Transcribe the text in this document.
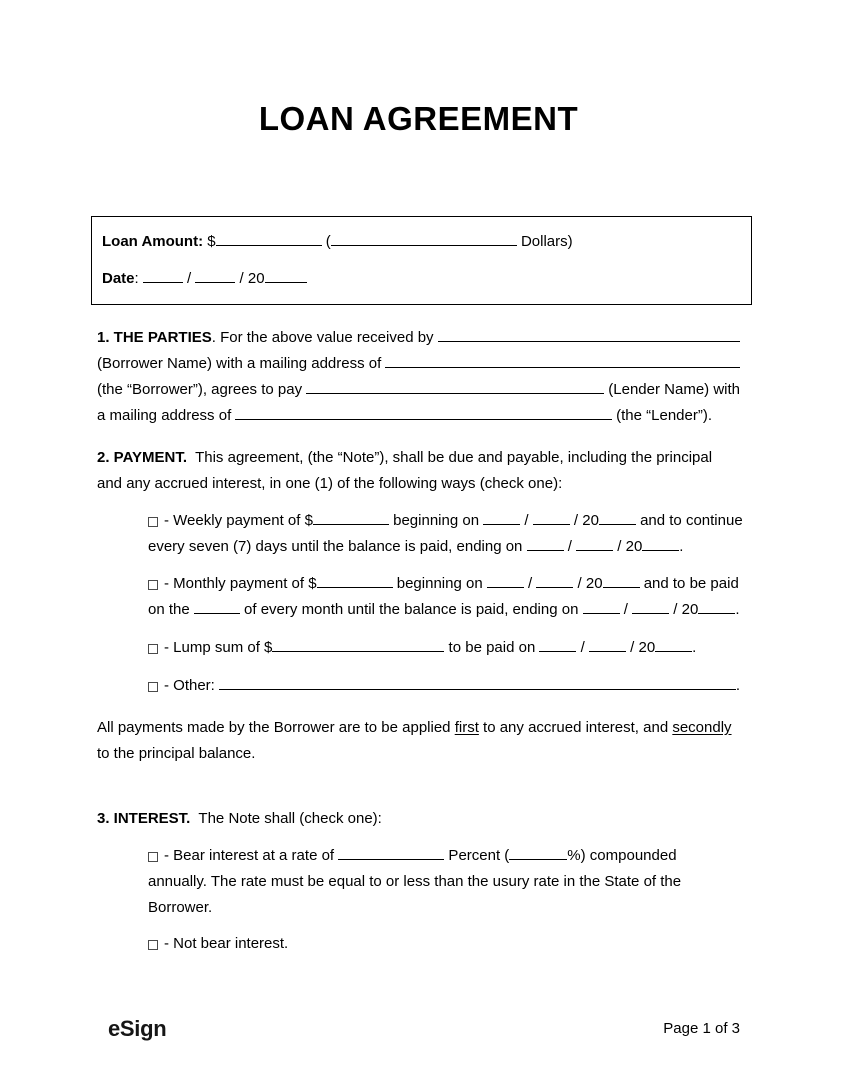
LOAN AGREEMENT
Loan Amount: $	(	Dollars)
Date :	/	/ 20
1. THE PARTIES . For the above value received by
(Borrower Name) with a mailing address of
(the “Borrower”), agrees to pay	(Lender Name) with
a mailing address of	(the “Lender”).
2. PAYMENT. This agreement, (the “Note”), shall be due and payable, including the principal
and any accrued interest, in one (1) of the following ways (check one):
- Weekly payment of $	beginning on / / 20 and to continue
every seven (7) days until the balance is paid, ending on / / 20 .
- Monthly payment of $	beginning on / / 20 and to be paid
on the	of every month until the balance is paid, ending on / / 20 .
- Lump sum of $	to be paid on / / 20 .
- Other:	.
All payments made by the Borrower are to be applied first to any accrued interest, and secondly
to the principal balance.
3. INTEREST. The Note shall (check one):
- Bear interest at a rate of	Percent (	%) compounded
annually. The rate must be equal to or less than the usury rate in the State of the
Borrower.
- Not bear interest.
eSign	Page 1 of 3
